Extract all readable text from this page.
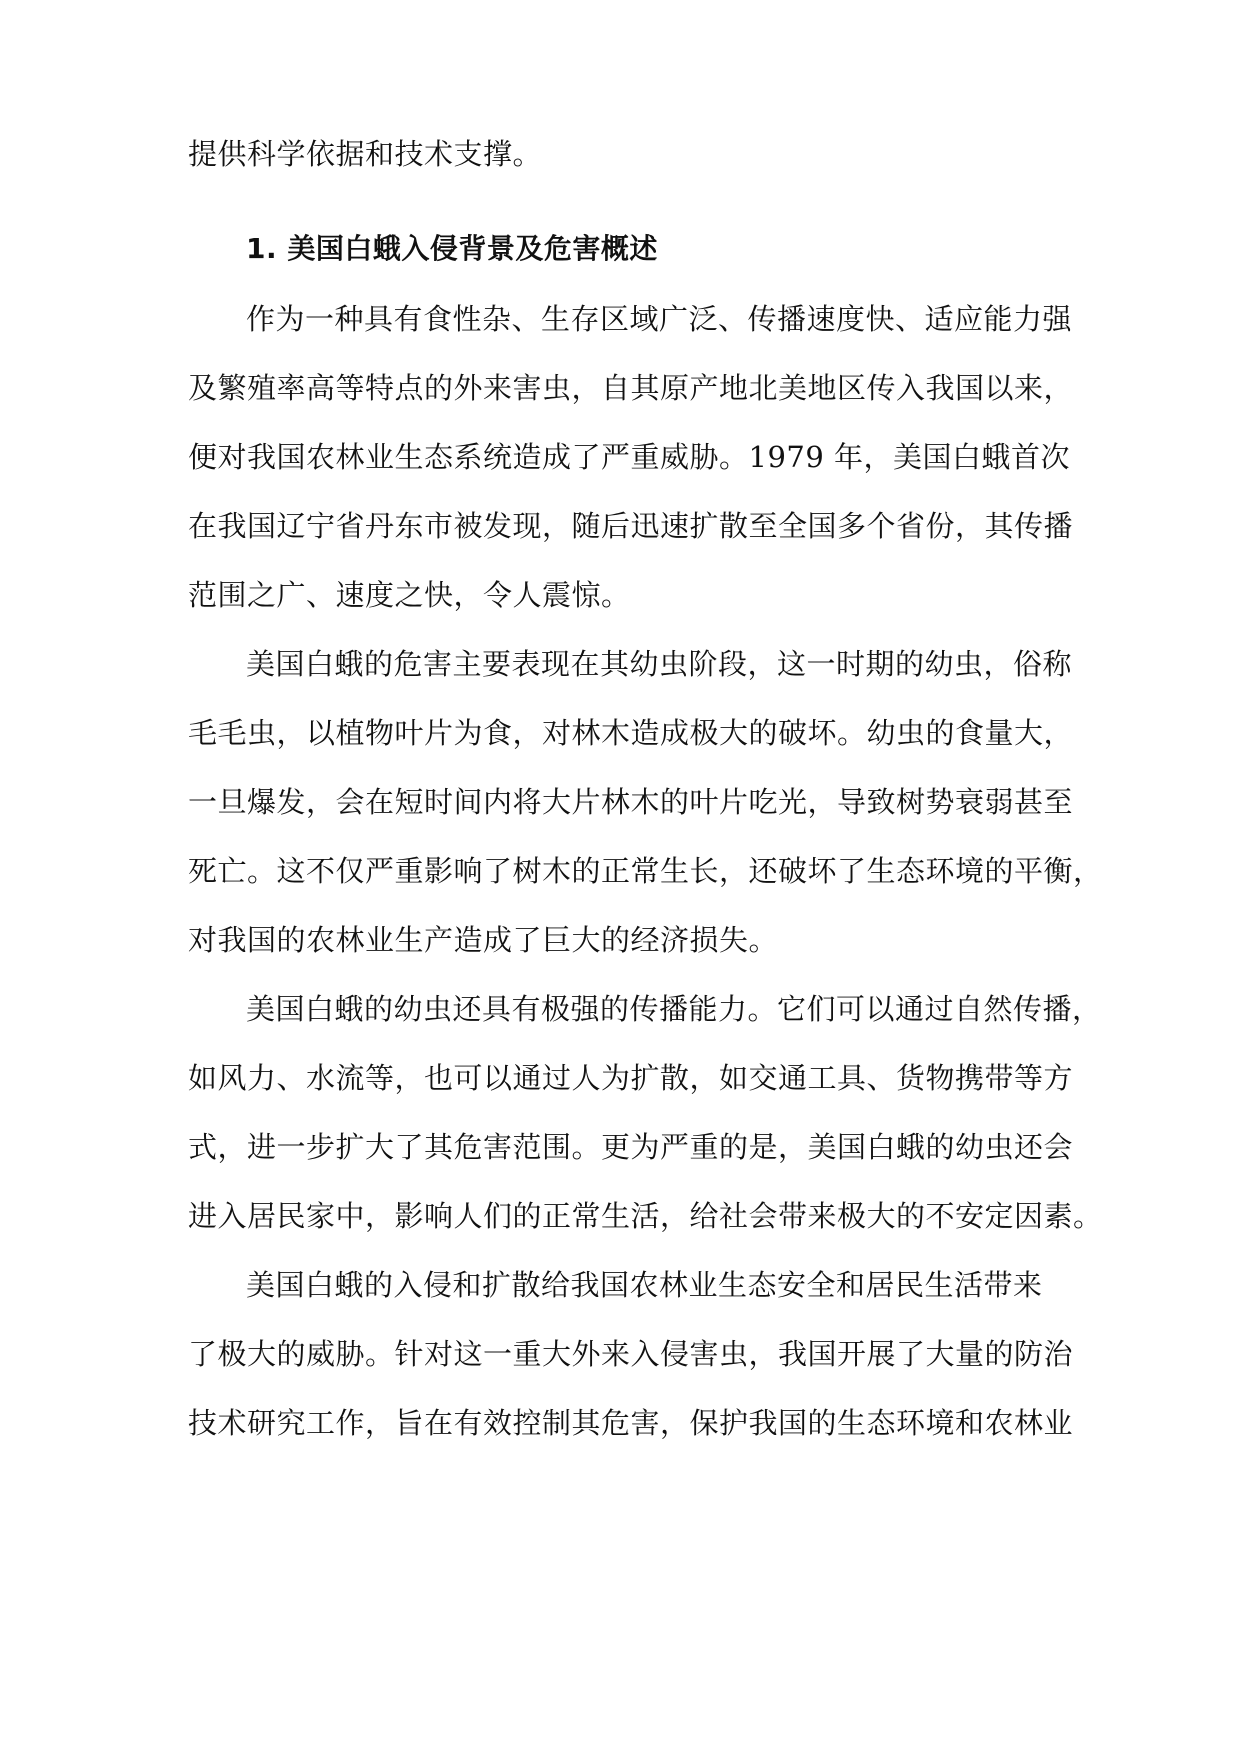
提供科学依据和技术支撑。
1. 美国白蛾入侵背景及危害概述
作为一种具有食性杂、生存区域广泛、传播速度快、适应能力强
及繁殖率高等特点的外来害虫，自其原产地北美地区传入我国以来，
便对我国农林业生态系统造成了严重威胁。1979 年，美国白蛾首次
在我国辽宁省丹东市被发现，随后迅速扩散至全国多个省份，其传播
范围之广、速度之快，令人震惊。
美国白蛾的危害主要表现在其幼虫阶段，这一时期的幼虫，俗称
毛毛虫，以植物叶片为食，对林木造成极大的破坏。幼虫的食量大，
一旦爆发，会在短时间内将大片林木的叶片吃光，导致树势衰弱甚至
死亡。这不仅严重影响了树木的正常生长，还破坏了生态环境的平衡，
对我国的农林业生产造成了巨大的经济损失。
美国白蛾的幼虫还具有极强的传播能力。它们可以通过自然传播，
如风力、水流等，也可以通过人为扩散，如交通工具、货物携带等方
式，进一步扩大了其危害范围。更为严重的是，美国白蛾的幼虫还会
进入居民家中，影响人们的正常生活，给社会带来极大的不安定因素。
美国白蛾的入侵和扩散给我国农林业生态安全和居民生活带来
了极大的威胁。针对这一重大外来入侵害虫，我国开展了大量的防治
技术研究工作，旨在有效控制其危害，保护我国的生态环境和农林业
